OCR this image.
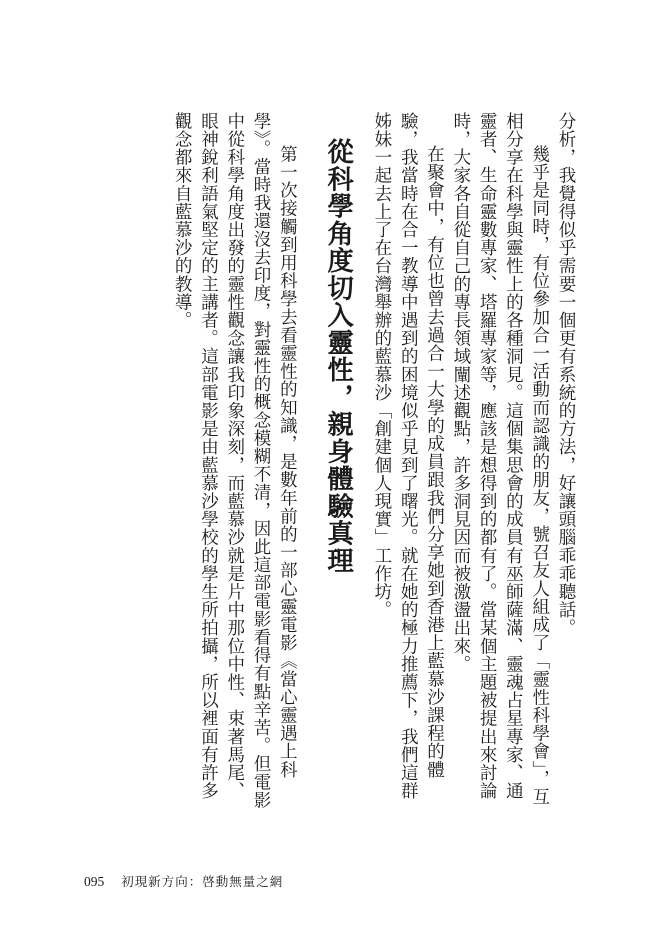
分析，我覺得似乎需要一個更有系統的方法，好讓頭腦乖乖聽話。

幾乎是同時，有位參加合一活動而認識的朋友，號召友人組成了「靈性科學會」，互相分享在科學與靈性上的各種洞見。這個集思會的成員有巫師薩滿、靈魂占星專家、通靈者、生命靈數專家、塔羅專家等，應該是想得到的都有了。當某個主題被提出來討論時，大家各自從自己的專長領域闡述觀點，許多洞見因而被激盪出來。

在聚會中，有位也曾去過合一大學的成員跟我們分享她到香港上藍慕沙課程的體驗，我當時在合一教導中遇到的困境似乎見到了曙光。就在她的極力推薦下，我們這群姊妹一起去上了在台灣舉辦的藍慕沙「創建個人現實」工作坊。

從科學角度切入靈性，親身體驗真理

第一次接觸到用科學去看靈性的知識，是數年前的一部心靈電影《當心靈遇上科學》。當時我還沒去印度，對靈性的概念模糊不清，因此這部電影看得有點辛苦。但電影中從科學角度出發的靈性觀念讓我印象深刻，而藍慕沙就是片中那位中性、束著馬尾、眼神銳利語氣堅定的主講者。這部電影是由藍慕沙學校的學生所拍攝，所以裡面有許多觀念都來自藍慕沙的教導。

095 初現新方向：啓動無量之網
